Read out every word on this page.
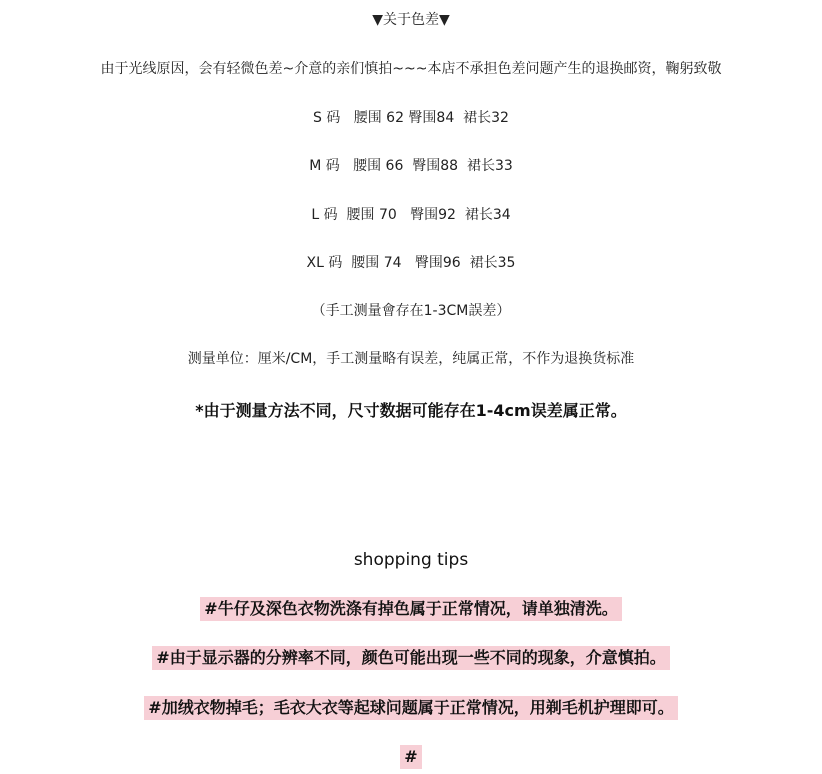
▼关于色差▼
由于光线原因，会有轻微色差~介意的亲们慎拍~~~本店不承担色差问题产生的退换邮资，鞠躬致敬
S 码   腰围 62 臀围84  裙长32
M 码   腰围 66  臀围88  裙长33
L 码  腰围 70   臀围92  裙长34
XL 码  腰围 74   臀围96  裙长35
（手工测量會存在1-3CM誤差）
测量单位：厘米/CM，手工测量略有误差，纯属正常，不作为退换货标准
*由于测量方法不同，尺寸数据可能存在1-4cm误差属正常。
shopping tips
#牛仔及深色衣物洗涤有掉色属于正常情况，请单独清洗。
#由于显示器的分辨率不同，颜色可能出现一些不同的现象，介意慎拍。
#加绒衣物掉毛；毛衣大衣等起球问题属于正常情况，用剃毛机护理即可。
#
